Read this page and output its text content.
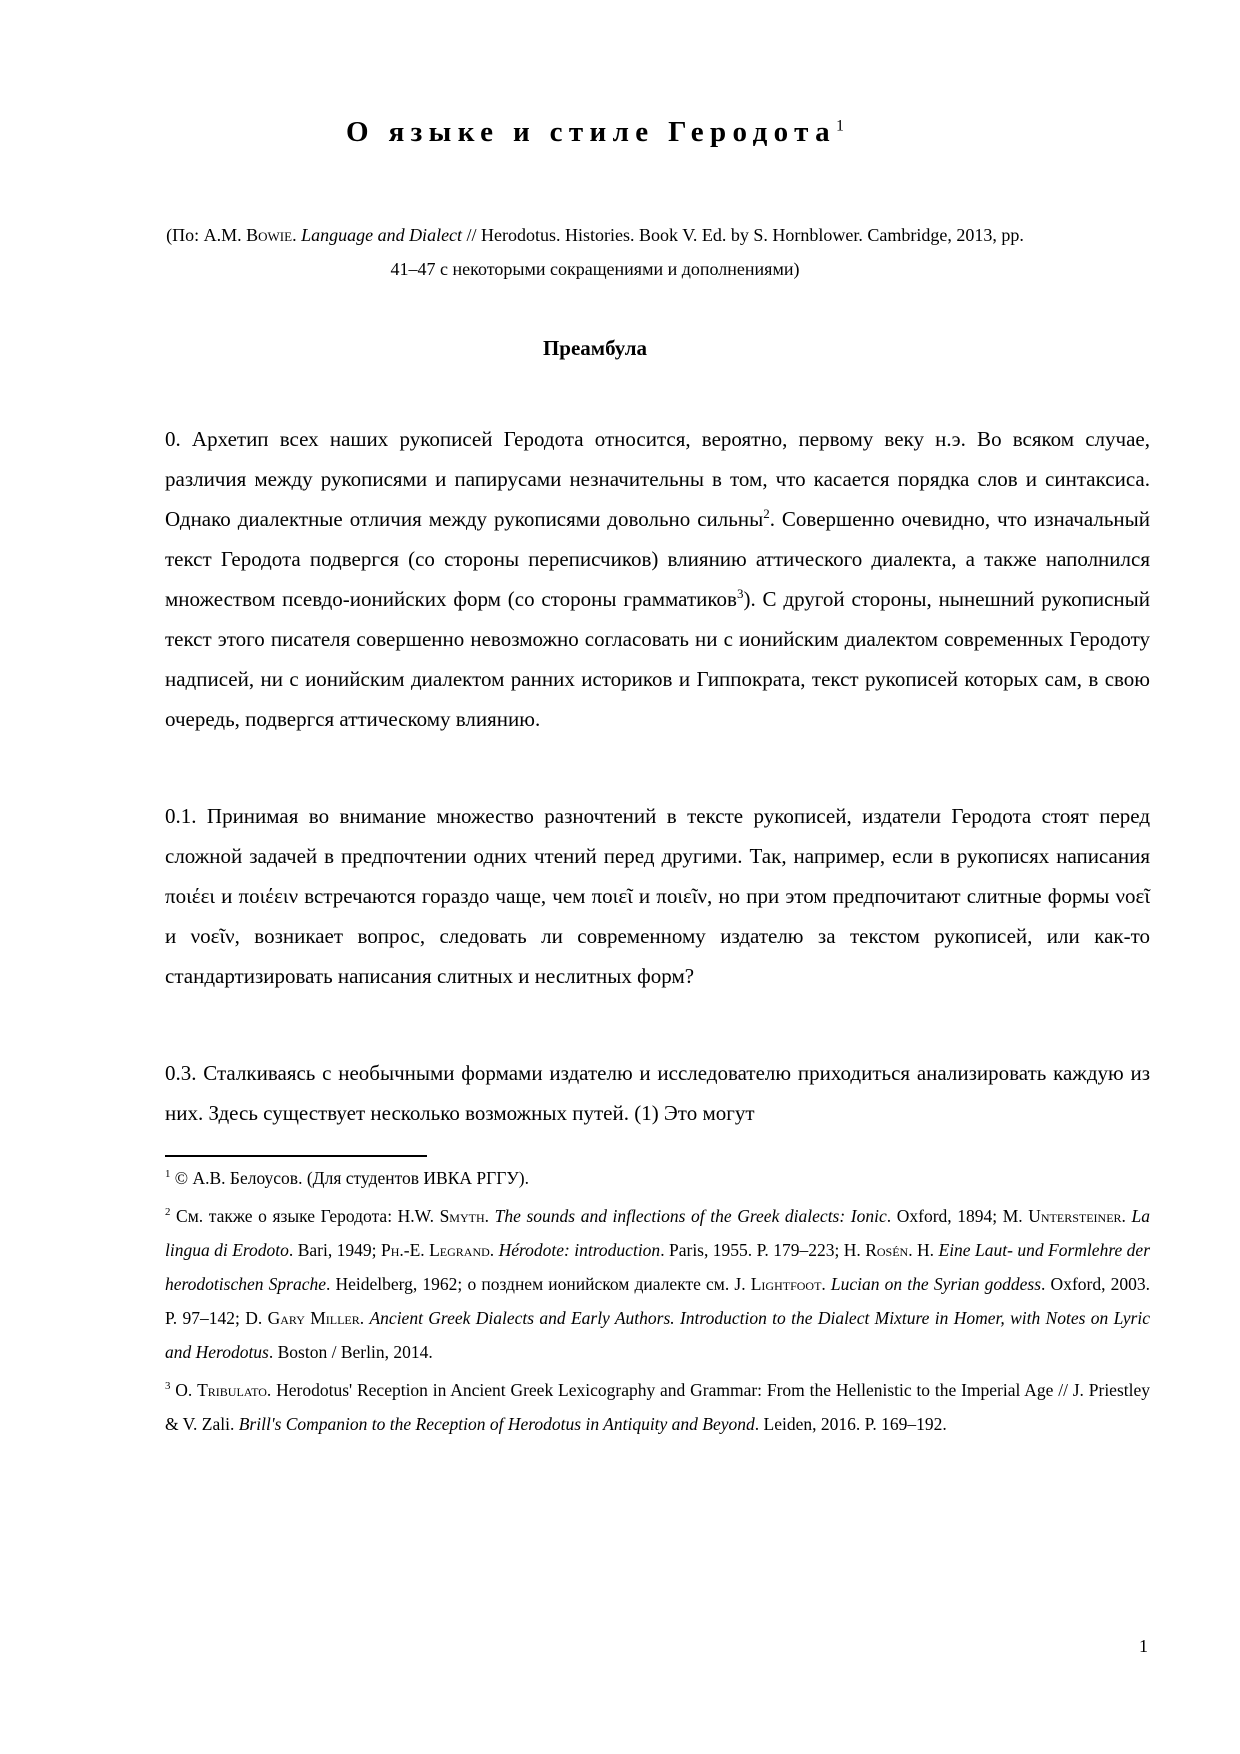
О языке и стиле Геродота$^1$

(По: A.M. Bowie. Language and Dialect // Herodotus. Histories. Book V. Ed. by S. Hornblower. Cambridge, 2013, pp. 41–47 с некоторыми сокращениями и дополнениями)

Преамбула

0. Архетип всех наших рукописей Геродота относится, вероятно, первому веку н.э. Во всяком случае, различия между рукописями и папирусами незначительны в том, что касается порядка слов и синтаксиса. Однако диалектные отличия между рукописями довольно сильны$^2$. Совершенно очевидно, что изначальный текст Геродота подвергся (со стороны переписчиков) влиянию аттического диалекта, а также наполнился множеством псевдо-ионийских форм (со стороны грамматиков$^3$). С другой стороны, нынешний рукописный текст этого писателя совершенно невозможно согласовать ни с ионийским диалектом современных Геродоту надписей, ни с ионийским диалектом ранних историков и Гиппократа, текст рукописей которых сам, в свою очередь, подвергся аттическому влиянию.

0.1. Принимая во внимание множество разночтений в тексте рукописей, издатели Геродота стоят перед сложной задачей в предпочтении одних чтений перед другими. Так, например, если в рукописях написания ποιέει и ποιέειν встречаются гораздо чаще, чем ποιεῖ и ποιεῖν, но при этом предпочитают слитные формы νοεῖ и νοεῖν, возникает вопрос, следовать ли современному издателю за текстом рукописей, или как-то стандартизировать написания слитных и неслитных форм?

0.3. Сталкиваясь с необычными формами издателю и исследователю приходиться анализировать каждую из них. Здесь существует несколько возможных путей. (1) Это могут

$^1$ © А.В. Белоусов. (Для студентов ИВКА РГГУ).

$^2$ См. также о языке Геродота: H.W. Smyth. The sounds and inflections of the Greek dialects: Ionic. Oxford, 1894; M. Untersteiner. La lingua di Erodoto. Bari, 1949; Ph.-E. Legrand. Hérodote: introduction. Paris, 1955. P. 179–223; H. Rosén. H. Eine Laut- und Formlehre der herodotischen Sprache. Heidelberg, 1962; о позднем ионийском диалекте см. J. Lightfoot. Lucian on the Syrian goddess. Oxford, 2003. P. 97–142; D. Gary Miller. Ancient Greek Dialects and Early Authors. Introduction to the Dialect Mixture in Homer, with Notes on Lyric and Herodotus. Boston / Berlin, 2014.

$^3$ O. Tribulato. Herodotus' Reception in Ancient Greek Lexicography and Grammar: From the Hellenistic to the Imperial Age // J. Priestley & V. Zali. Brill's Companion to the Reception of Herodotus in Antiquity and Beyond. Leiden, 2016. P. 169–192.

1
